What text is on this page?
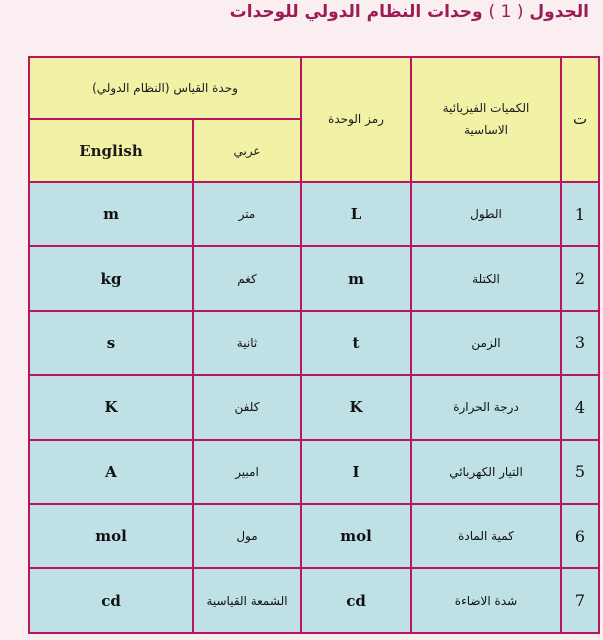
الجدول ( 1 ) وحدات النظام الدولي للوحدات
ت	الكميات الفيزيائية الاساسية	رمز الوحدة	وحدة القياس (النظام الدولي)	
			عربي	English
1	الطول	L	متر	m
2	الكتلة	m	كغم	kg
3	الزمن	t	ثانية	s
4	درجة الحرارة	K	كلفن	K
5	التيار الكهربائي	I	امبير	A
6	كمية المادة	mol	مول	mol
7	شدة الاضاءة	cd	الشمعة القياسية	cd
